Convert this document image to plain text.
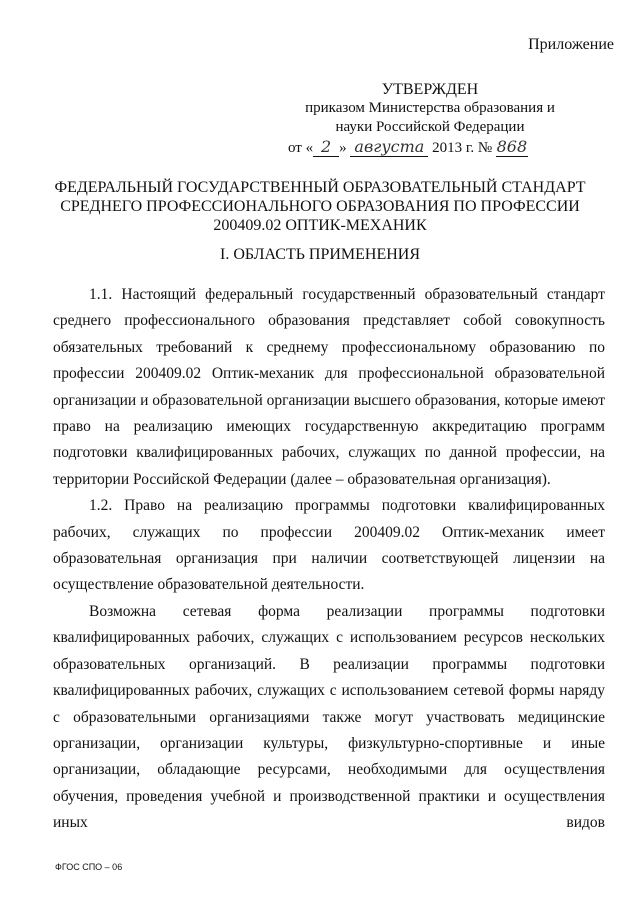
Приложение
УТВЕРЖДЕН
приказом Министерства образования и
науки Российской Федерации
от « 2 » августа 2013 г. № 868
ФЕДЕРАЛЬНЫЙ ГОСУДАРСТВЕННЫЙ ОБРАЗОВАТЕЛЬНЫЙ СТАНДАРТ
СРЕДНЕГО ПРОФЕССИОНАЛЬНОГО ОБРАЗОВАНИЯ ПО ПРОФЕССИИ
200409.02 ОПТИК-МЕХАНИК
I. ОБЛАСТЬ ПРИМЕНЕНИЯ

1.1. Настоящий федеральный государственный образовательный стандарт среднего профессионального образования представляет собой совокупность обязательных требований к среднему профессиональному образованию по профессии 200409.02 Оптик-механик для профессиональной образовательной организации и образовательной организации высшего образования, которые имеют право на реализацию имеющих государственную аккредитацию программ подготовки квалифицированных рабочих, служащих по данной профессии, на территории Российской Федерации (далее – образовательная организация).

1.2. Право на реализацию программы подготовки квалифицированных рабочих, служащих по профессии 200409.02 Оптик-механик имеет образовательная организация при наличии соответствующей лицензии на осуществление образовательной деятельности.

Возможна сетевая форма реализации программы подготовки квалифицированных рабочих, служащих с использованием ресурсов нескольких образовательных организаций. В реализации программы подготовки квалифицированных рабочих, служащих с использованием сетевой формы наряду с образовательными организациями также могут участвовать медицинские организации, организации культуры, физкультурно-спортивные и иные организации, обладающие ресурсами, необходимыми для осуществления обучения, проведения учебной и производственной практики и осуществления иных видов

ФГОС СПО – 06
